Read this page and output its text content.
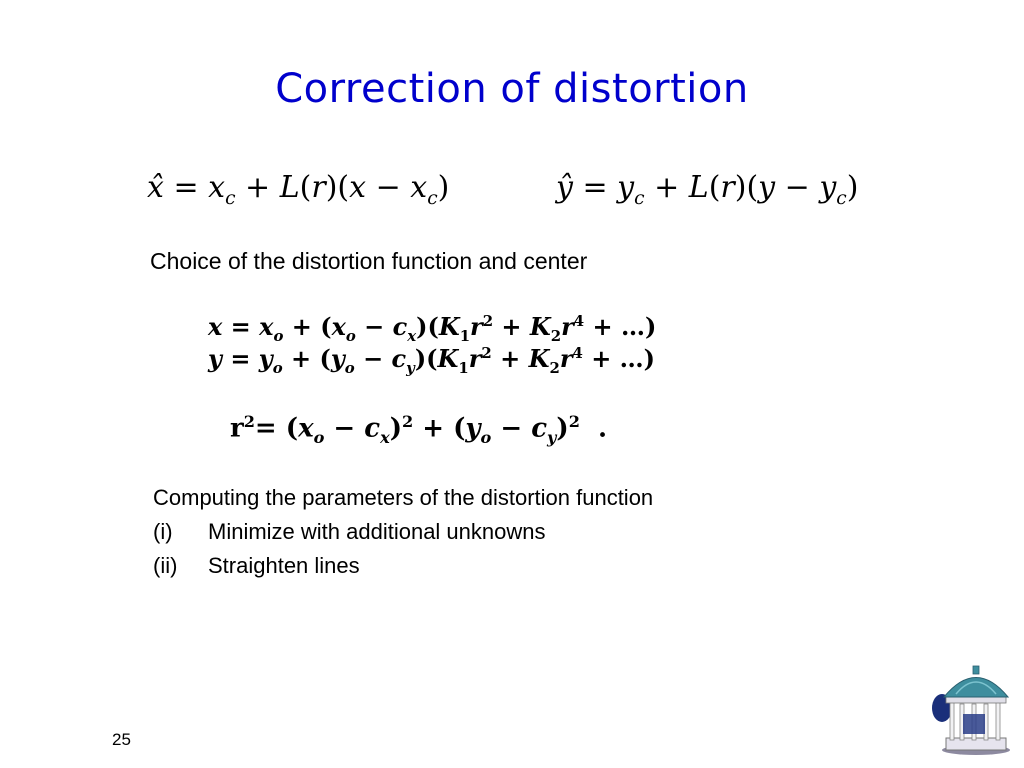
Correction of distortion
x̂ = $x_c + L(r)(x - x_c)$	ŷ = $y_c + L(r)(y - y_c)$
Choice of the distortion function and center
$x = x_o + (x_o - c_x)(K_1r^2 + K_2r^4$ + …)
$y = y_o + (y_o - c_y)(K_1r^2 + K_2r^4$ + …)
$r^2= (x_o - c_x)^2 + (y_o - c_y)^2$  .
Computing the parameters of the distortion function
(i) Minimize with additional unknowns
(ii) Straighten lines
25
